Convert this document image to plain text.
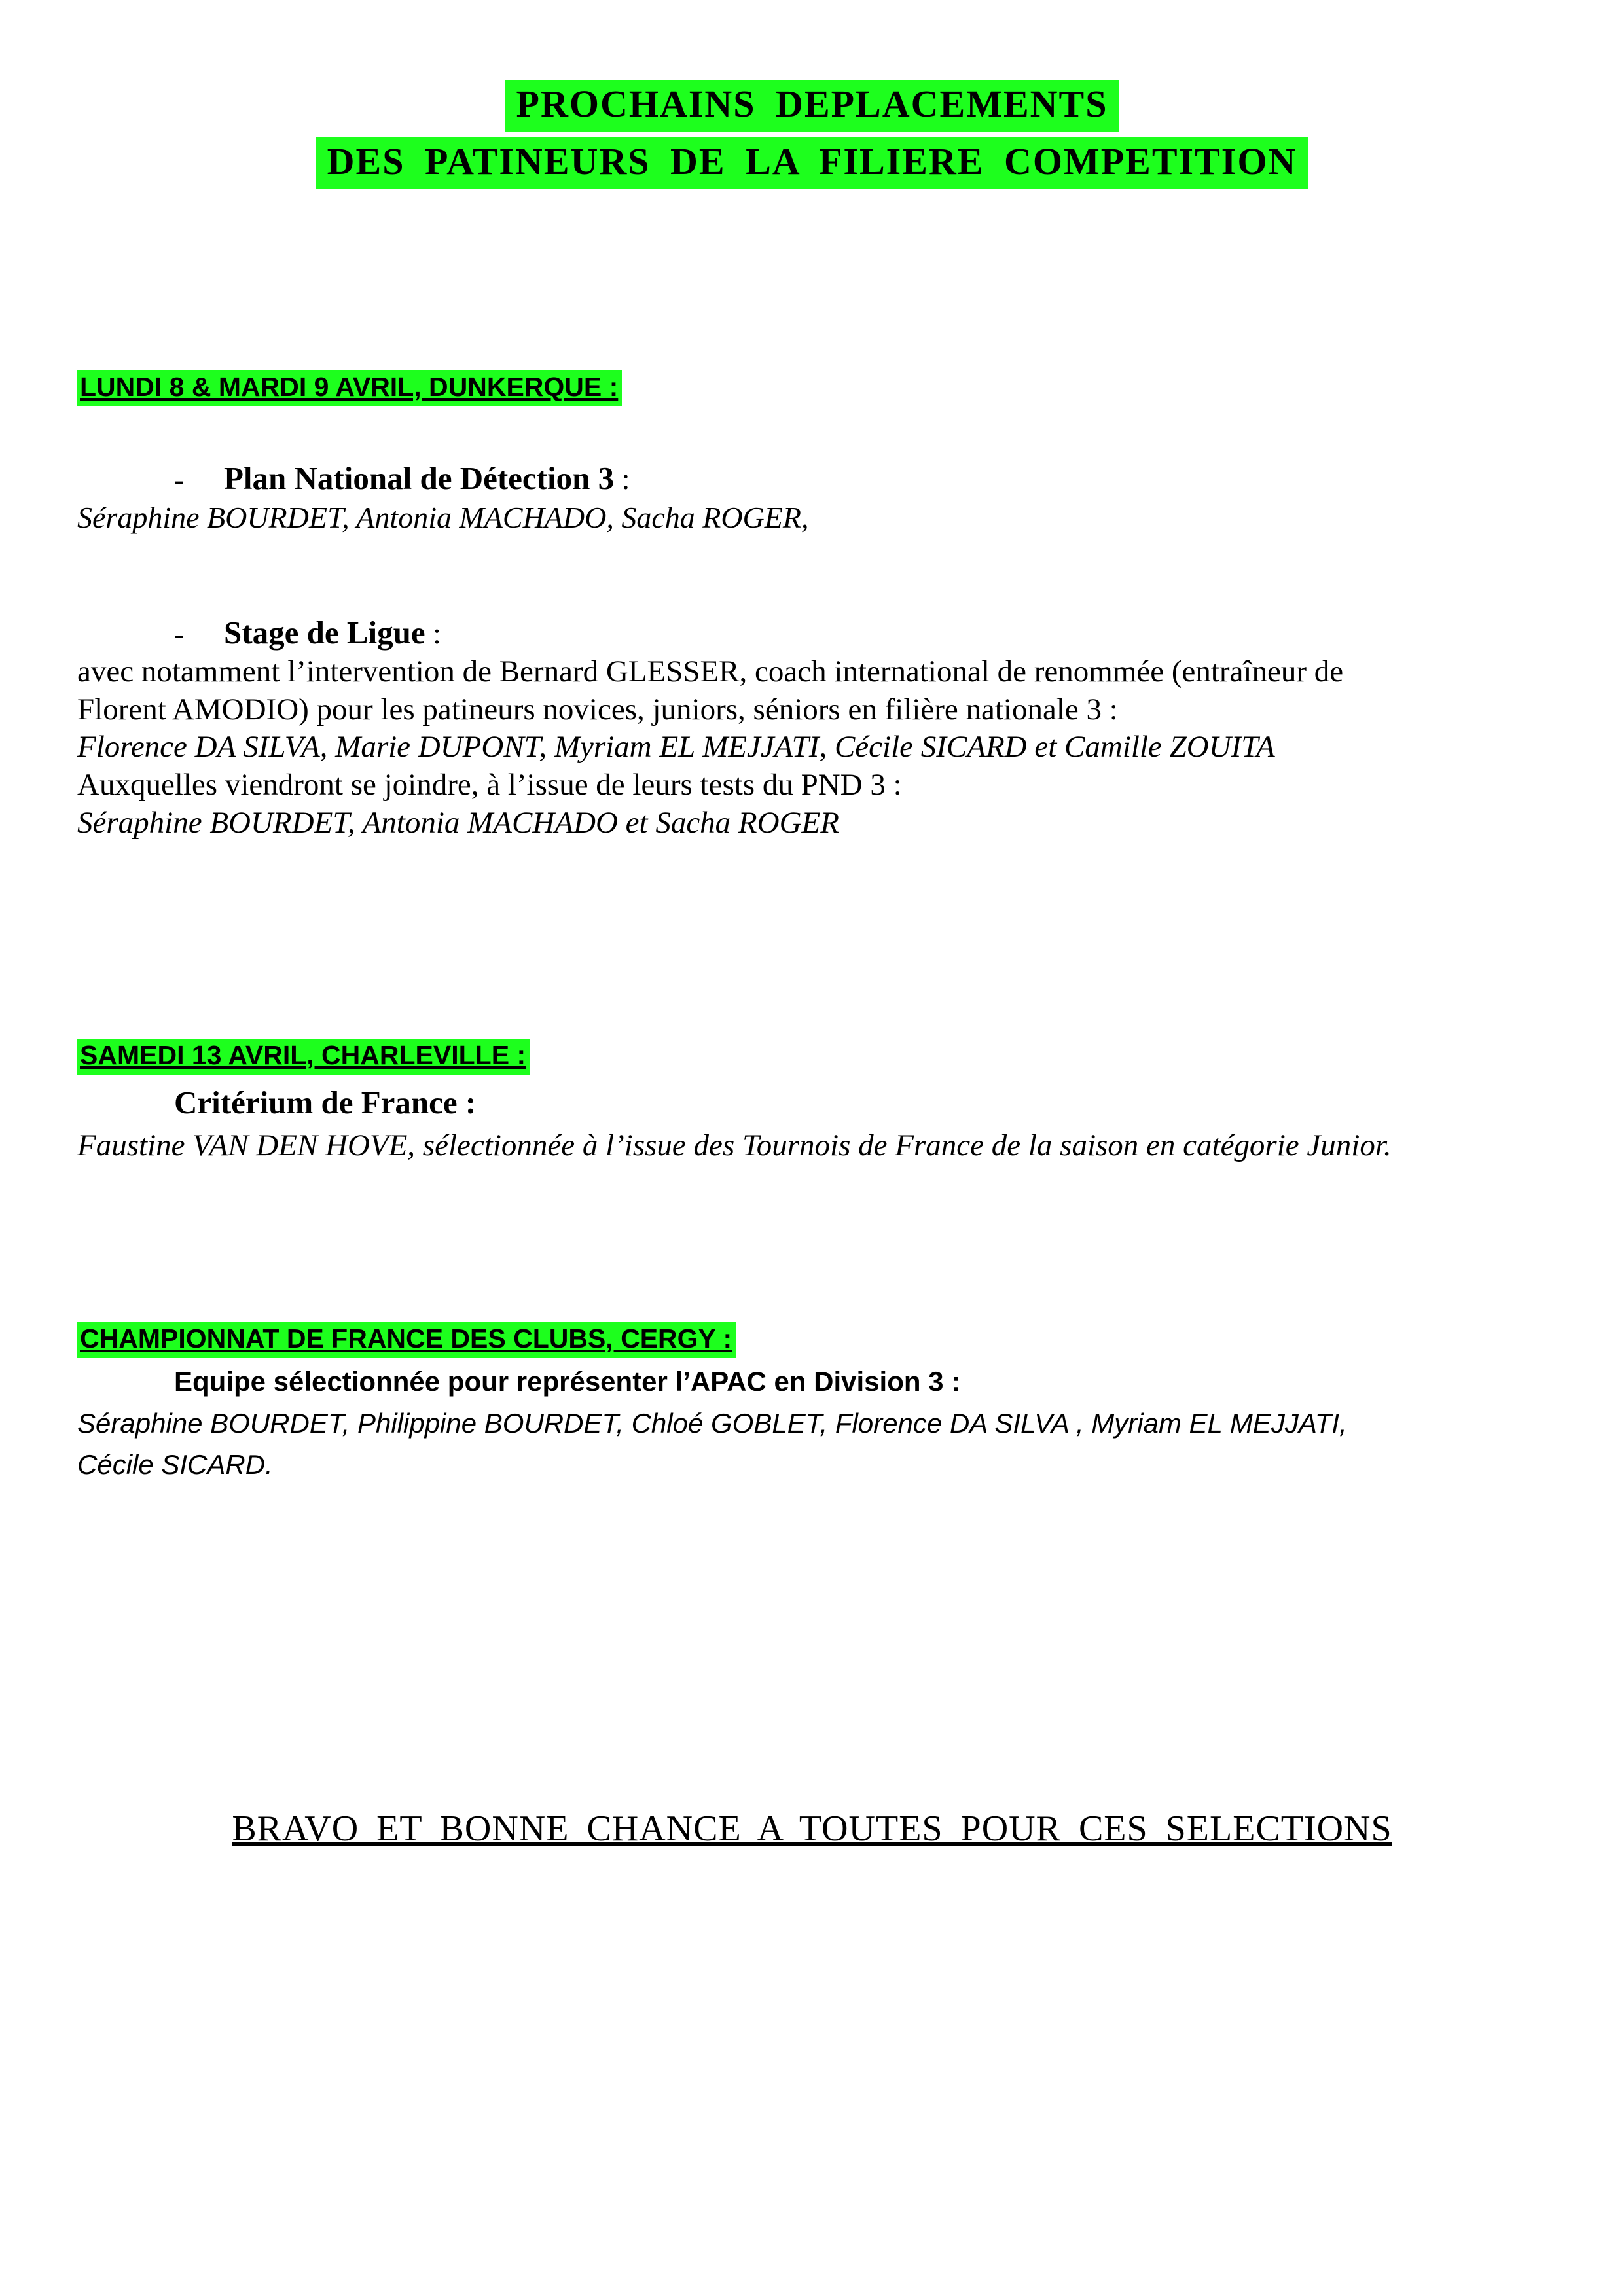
PROCHAINS DEPLACEMENTS
DES PATINEURS DE LA FILIERE COMPETITION
LUNDI 8 & MARDI 9 AVRIL, DUNKERQUE :
- Plan National de Détection 3 :
Séraphine BOURDET, Antonia MACHADO, Sacha ROGER,
- Stage de Ligue :
avec notamment l’intervention de Bernard GLESSER, coach international de renommée (entraîneur de
Florent AMODIO) pour les patineurs novices, juniors, séniors en filière nationale 3 :
Florence DA SILVA, Marie DUPONT, Myriam EL MEJJATI, Cécile SICARD et Camille ZOUITA
Auxquelles viendront se joindre, à l’issue de leurs tests du PND 3 :
Séraphine BOURDET, Antonia MACHADO et Sacha ROGER
SAMEDI 13 AVRIL, CHARLEVILLE :
Critérium de France :
Faustine VAN DEN HOVE, sélectionnée à l’issue des Tournois de France de la saison en catégorie Junior.
CHAMPIONNAT DE FRANCE DES CLUBS, CERGY :
Equipe sélectionnée pour représenter l’APAC en Division 3 :
Séraphine BOURDET, Philippine BOURDET, Chloé GOBLET, Florence DA SILVA , Myriam EL MEJJATI,
Cécile SICARD.
BRAVO ET BONNE CHANCE A TOUTES POUR CES SELECTIONS
